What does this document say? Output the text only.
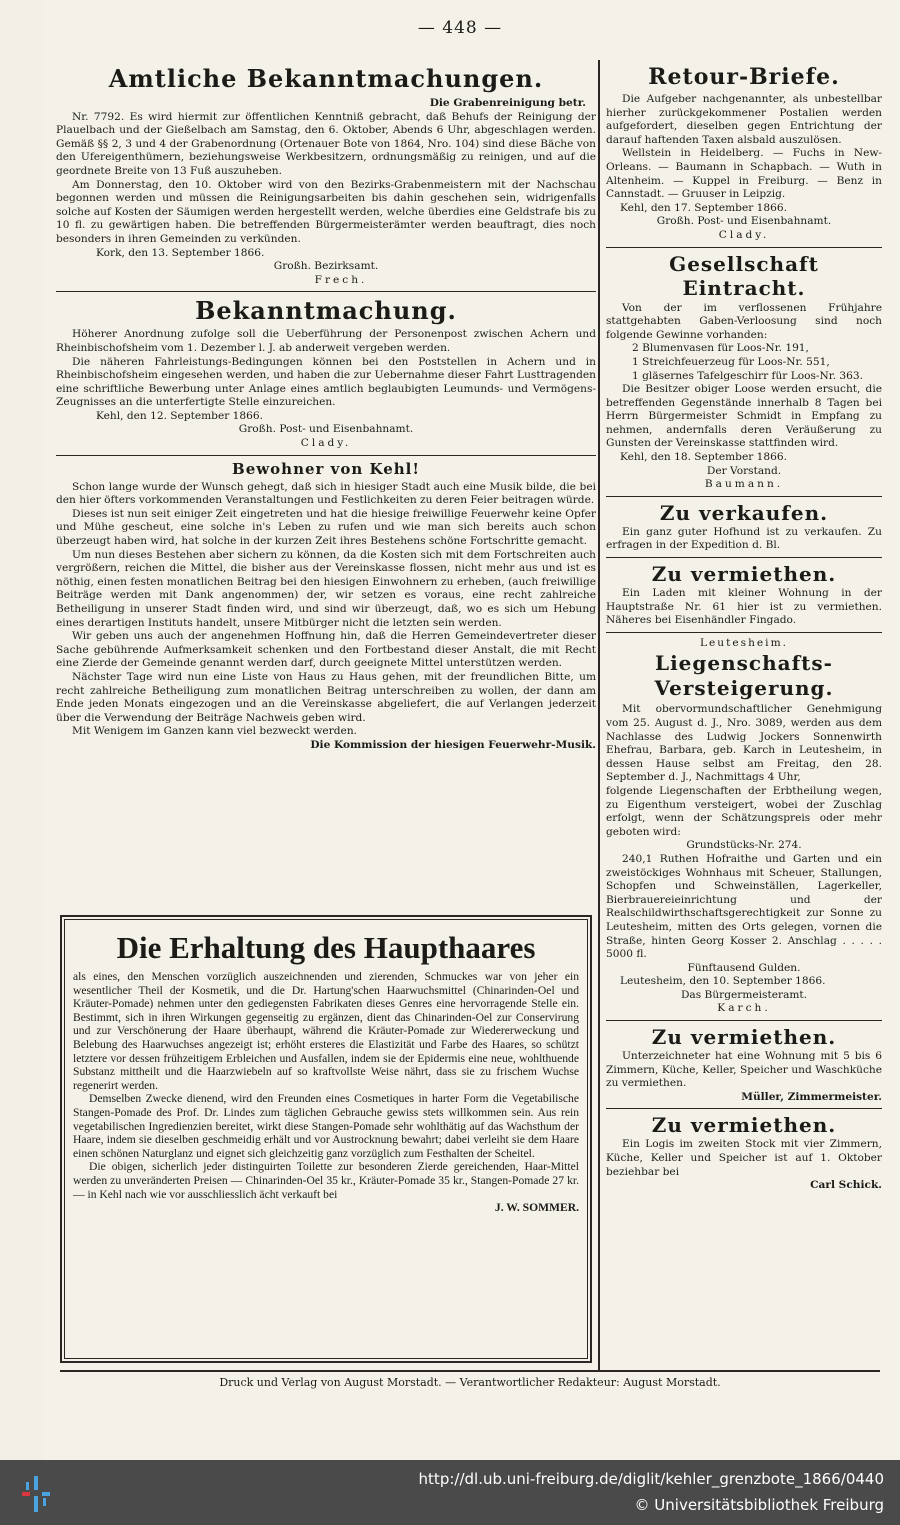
— 448 —
Amtliche Bekanntmachungen.

Die Grabenreinigung betr.

Nr. 7792. Es wird hiermit zur öffentlichen Kenntniß gebracht, daß Behufs der Reinigung der Plauelbach und der Gießelbach am Samstag, den 6. Oktober, Abends 6 Uhr, abgeschlagen werden. Gemäß §§ 2, 3 und 4 der Grabenordnung (Ortenauer Bote von 1864, Nro. 104) sind diese Bäche von den Ufereigenthümern, beziehungsweise Werkbesitzern, ordnungsmäßig zu reinigen, und auf die geordnete Breite von 13 Fuß auszuheben.

Am Donnerstag, den 10. Oktober wird von den Bezirks-Grabenmeistern mit der Nachschau begonnen werden und müssen die Reinigungsarbeiten bis dahin geschehen sein, widrigenfalls solche auf Kosten der Säumigen werden hergestellt werden, welche überdies eine Geldstrafe bis zu 10 fl. zu gewärtigen haben. Die betreffenden Bürgermeisterämter werden beauftragt, dies noch besonders in ihren Gemeinden zu verkünden.

Kork, den 13. September 1866.

Großh. Bezirksamt.

Frech.

Bekanntmachung.

Höherer Anordnung zufolge soll die Ueberführung der Personenpost zwischen Achern und Rheinbischofsheim vom 1. Dezember l. J. ab anderweit vergeben werden.

Die näheren Fahrleistungs-Bedingungen können bei den Poststellen in Achern und in Rheinbischofsheim eingesehen werden, und haben die zur Uebernahme dieser Fahrt Lusttragenden eine schriftliche Bewerbung unter Anlage eines amtlich beglaubigten Leumunds- und Vermögens-Zeugnisses an die unterfertigte Stelle einzureichen.

Kehl, den 12. September 1866.

Großh. Post- und Eisenbahnamt.

Clady.

Bewohner von Kehl!

Schon lange wurde der Wunsch gehegt, daß sich in hiesiger Stadt auch eine Musik bilde, die bei den hier öfters vorkommenden Veranstaltungen und Festlichkeiten zu deren Feier beitragen würde.

Dieses ist nun seit einiger Zeit eingetreten und hat die hiesige freiwillige Feuerwehr keine Opfer und Mühe gescheut, eine solche in's Leben zu rufen und wie man sich bereits auch schon überzeugt haben wird, hat solche in der kurzen Zeit ihres Bestehens schöne Fortschritte gemacht.

Um nun dieses Bestehen aber sichern zu können, da die Kosten sich mit dem Fortschreiten auch vergrößern, reichen die Mittel, die bisher aus der Vereinskasse flossen, nicht mehr aus und ist es nöthig, einen festen monatlichen Beitrag bei den hiesigen Einwohnern zu erheben, (auch freiwillige Beiträge werden mit Dank angenommen) der, wir setzen es voraus, eine recht zahlreiche Betheiligung in unserer Stadt finden wird, und sind wir überzeugt, daß, wo es sich um Hebung eines derartigen Instituts handelt, unsere Mitbürger nicht die letzten sein werden.

Wir geben uns auch der angenehmen Hoffnung hin, daß die Herren Gemeindevertreter dieser Sache gebührende Aufmerksamkeit schenken und den Fortbestand dieser Anstalt, die mit Recht eine Zierde der Gemeinde genannt werden darf, durch geeignete Mittel unterstützen werden.

Nächster Tage wird nun eine Liste von Haus zu Haus gehen, mit der freundlichen Bitte, um recht zahlreiche Betheiligung zum monatlichen Beitrag unterschreiben zu wollen, der dann am Ende jeden Monats eingezogen und an die Vereinskasse abgeliefert, die auf Verlangen jederzeit über die Verwendung der Beiträge Nachweis geben wird.

Mit Wenigem im Ganzen kann viel bezweckt werden.

Die Kommission der hiesigen Feuerwehr-Musik.

Die Erhaltung des Haupthaares

als eines, den Menschen vorzüglich auszeichnenden und zierenden, Schmuckes war von jeher ein wesentlicher Theil der Kosmetik, und die Dr. Hartung'schen Haarwuchsmittel (Chinarinden-Oel und Kräuter-Pomade) nehmen unter den gediegensten Fabrikaten dieses Genres eine hervorragende Stelle ein. Bestimmt, sich in ihren Wirkungen gegenseitig zu ergänzen, dient das Chinarinden-Oel zur Conservirung und zur Verschönerung der Haare überhaupt, während die Kräuter-Pomade zur Wiedererweckung und Belebung des Haarwuchses angezeigt ist; erhöht ersteres die Elastizität und Farbe des Haares, so schützt letztere vor dessen frühzeitigem Erbleichen und Ausfallen, indem sie der Epidermis eine neue, wohlthuende Substanz mittheilt und die Haarzwiebeln auf so kraftvollste Weise nährt, dass sie zu frischem Wuchse regenerirt werden.

Demselben Zwecke dienend, wird den Freunden eines Cosmetiques in harter Form die Vegetabilische Stangen-Pomade des Prof. Dr. Lindes zum täglichen Gebrauche gewiss stets willkommen sein. Aus rein vegetabilischen Ingredienzien bereitet, wirkt diese Stangen-Pomade sehr wohlthätig auf das Wachsthum der Haare, indem sie dieselben geschmeidig erhält und vor Austrocknung bewahrt; dabei verleiht sie dem Haare einen schönen Naturglanz und eignet sich gleichzeitig ganz vorzüglich zum Festhalten der Scheitel.

Die obigen, sicherlich jeder distinguirten Toilette zur besonderen Zierde gereichenden, Haar-Mittel werden zu unveränderten Preisen — Chinarinden-Oel 35 kr., Kräuter-Pomade 35 kr., Stangen-Pomade 27 kr. — in Kehl nach wie vor ausschliesslich ächt verkauft bei

J. W. SOMMER.

Retour-Briefe.

Die Aufgeber nachgenannter, als unbestellbar hierher zurückgekommener Postalien werden aufgefordert, dieselben gegen Entrichtung der darauf haftenden Taxen alsbald auszulösen.

Wellstein in Heidelberg. — Fuchs in New-Orleans. — Baumann in Schapbach. — Wuth in Altenheim. — Kuppel in Freiburg. — Benz in Cannstadt. — Gruuser in Leipzig.

Kehl, den 17. September 1866.

Großh. Post- und Eisenbahnamt.

Clady.

Gesellschaft Eintracht.

Von der im verflossenen Frühjahre stattgehabten Gaben-Verloosung sind noch folgende Gewinne vorhanden:

2 Blumenvasen für Loos-Nr. 191,

1 Streichfeuerzeug für Loos-Nr. 551,

1 gläsernes Tafelgeschirr für Loos-Nr. 363.

Die Besitzer obiger Loose werden ersucht, die betreffenden Gegenstände innerhalb 8 Tagen bei Herrn Bürgermeister Schmidt in Empfang zu nehmen, andernfalls deren Veräußerung zu Gunsten der Vereinskasse stattfinden wird.

Kehl, den 18. September 1866.

Der Vorstand.

Baumann.

Zu verkaufen.

Ein ganz guter Hofhund ist zu verkaufen. Zu erfragen in der Expedition d. Bl.

Zu vermiethen.

Ein Laden mit kleiner Wohnung in der Hauptstraße Nr. 61 hier ist zu vermiethen. Näheres bei Eisenhändler Fingado.

Leutesheim.

Liegenschafts-Versteigerung.

Mit obervormundschaftlicher Genehmigung vom 25. August d. J., Nro. 3089, werden aus dem Nachlasse des Ludwig Jockers Sonnenwirth Ehefrau, Barbara, geb. Karch in Leutesheim, in dessen Hause selbst am Freitag, den 28. September d. J., Nachmittags 4 Uhr,

folgende Liegenschaften der Erbtheilung wegen, zu Eigenthum versteigert, wobei der Zuschlag erfolgt, wenn der Schätzungspreis oder mehr geboten wird:

Grundstücks-Nr. 274.

240,1 Ruthen Hofraithe und Garten und ein zweistöckiges Wohnhaus mit Scheuer, Stallungen, Schopfen und Schweinställen, Lagerkeller, Bierbrauereieinrichtung und der Realschildwirthschaftsgerechtigkeit zur Sonne zu Leutesheim, mitten des Orts gelegen, vornen die Straße, hinten Georg Kosser 2. Anschlag . . . . . 5000 fl.

Fünftausend Gulden.

Leutesheim, den 10. September 1866.

Das Bürgermeisteramt.

Karch.

Zu vermiethen.

Unterzeichneter hat eine Wohnung mit 5 bis 6 Zimmern, Küche, Keller, Speicher und Waschküche zu vermiethen.

Müller, Zimmermeister.

Zu vermiethen.

Ein Logis im zweiten Stock mit vier Zimmern, Küche, Keller und Speicher ist auf 1. Oktober beziehbar bei

Carl Schick.

Druck und Verlag von August Morstadt. — Verantwortlicher Redakteur: August Morstadt.
http://dl.ub.uni-freiburg.de/diglit/kehler_grenzbote_1866/0440
© Universitätsbibliothek Freiburg
